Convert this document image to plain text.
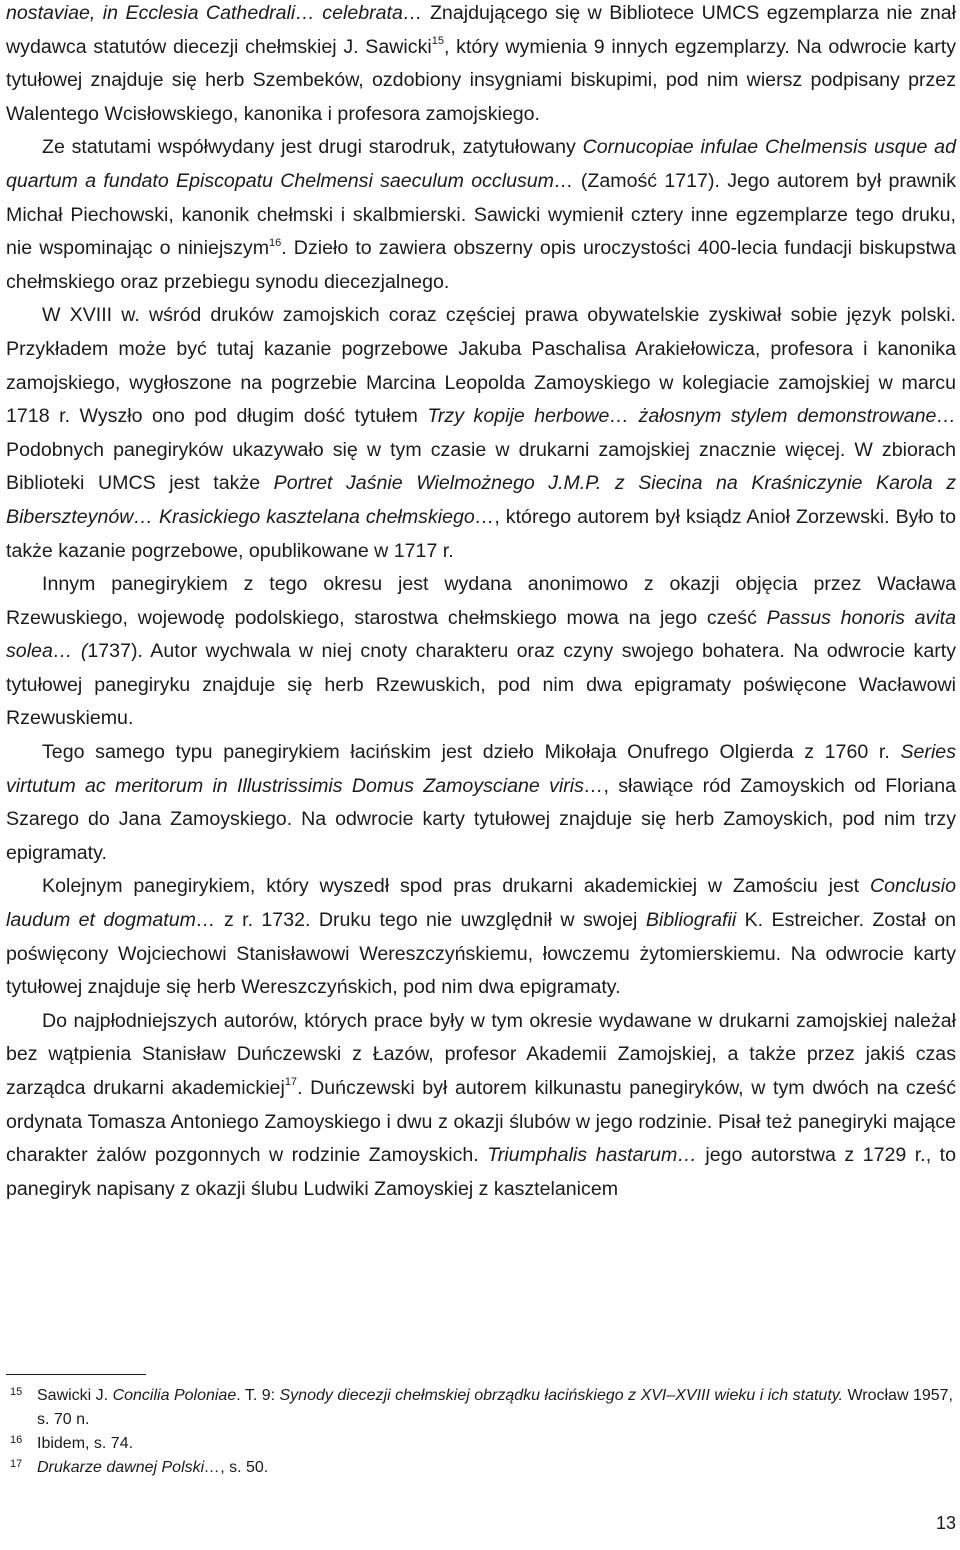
nostaviae, in Ecclesia Cathedrali… celebrata… Znajdującego się w Bibliotece UMCS egzemplarza nie znał wydawca statutów diecezji chełmskiej J. Sawicki$^{15}$, który wymienia 9 innych egzemplarzy. Na odwrocie karty tytułowej znajduje się herb Szembeków, ozdobiony insygniami biskupimi, pod nim wiersz podpisany przez Walentego Wcisłowskiego, kanonika i profesora zamojskiego.

Ze statutami współwydany jest drugi starodruk, zatytułowany Cornucopiae infulae Chelmensis usque ad quartum a fundato Episcopatu Chelmensi saeculum occlusum… (Zamość 1717). Jego autorem był prawnik Michał Piechowski, kanonik chełmski i skalbmierski. Sawicki wymienił cztery inne egzemplarze tego druku, nie wspominając o niniejszym$^{16}$. Dzieło to zawiera obszerny opis uroczystości 400-lecia fundacji biskupstwa chełmskiego oraz przebiegu synodu diecezjalnego.

W XVIII w. wśród druków zamojskich coraz częściej prawa obywatelskie zyskiwał sobie język polski. Przykładem może być tutaj kazanie pogrzebowe Jakuba Paschalisa Arakiełowicza, profesora i kanonika zamojskiego, wygłoszone na pogrzebie Marcina Leopolda Zamoyskiego w kolegiacie zamojskiej w marcu 1718 r. Wyszło ono pod długim dość tytułem Trzy kopije herbowe… żałosnym stylem demonstrowane… Podobnych panegiryków ukazywało się w tym czasie w drukarni zamojskiej znacznie więcej. W zbiorach Biblioteki UMCS jest także Portret Jaśnie Wielmożnego J.M.P. z Siecina na Kraśniczynie Karola z Biberszteynów… Krasickiego kasztelana chełmskiego…, którego autorem był ksiądz Anioł Zorzewski. Było to także kazanie pogrzebowe, opublikowane w 1717 r.

Innym panegirykiem z tego okresu jest wydana anonimowo z okazji objęcia przez Wacława Rzewuskiego, wojewodę podolskiego, starostwa chełmskiego mowa na jego cześć Passus honoris avita solea… (1737). Autor wychwala w niej cnoty charakteru oraz czyny swojego bohatera. Na odwrocie karty tytułowej panegiryku znajduje się herb Rzewuskich, pod nim dwa epigramaty poświęcone Wacławowi Rzewuskiemu.

Tego samego typu panegirykiem łacińskim jest dzieło Mikołaja Onufrego Olgierda z 1760 r. Series virtutum ac meritorum in Illustrissimis Domus Zamoysciane viris…, sławiące ród Zamoyskich od Floriana Szarego do Jana Zamoyskiego. Na odwrocie karty tytułowej znajduje się herb Zamoyskich, pod nim trzy epigramaty.

Kolejnym panegirykiem, który wyszedł spod pras drukarni akademickiej w Zamościu jest Conclusio laudum et dogmatum… z r. 1732. Druku tego nie uwzględnił w swojej Bibliografii K. Estreicher. Został on poświęcony Wojciechowi Stanisławowi Wereszczyńskiemu, łowczemu żytomierskiemu. Na odwrocie karty tytułowej znajduje się herb Wereszczyńskich, pod nim dwa epigramaty.

Do najpłodniejszych autorów, których prace były w tym okresie wydawane w drukarni zamojskiej należał bez wątpienia Stanisław Duńczewski z Łazów, profesor Akademii Zamojskiej, a także przez jakiś czas zarządca drukarni akademickiej$^{17}$. Duńczewski był autorem kilkunastu panegiryków, w tym dwóch na cześć ordynata Tomasza Antoniego Zamoyskiego i dwu z okazji ślubów w jego rodzinie. Pisał też panegiryki mające charakter żalów pozgonnych w rodzinie Zamoyskich. Triumphalis hastarum… jego autorstwa z 1729 r., to panegiryk napisany z okazji ślubu Ludwiki Zamoyskiej z kasztelanicem

15 Sawicki J. Concilia Poloniae. T. 9: Synody diecezji chełmskiej obrządku łacińskiego z XVI–XVIII wieku i ich statuty. Wrocław 1957, s. 70 n.
16 Ibidem, s. 74.
17 Drukarze dawnej Polski…, s. 50.
13
